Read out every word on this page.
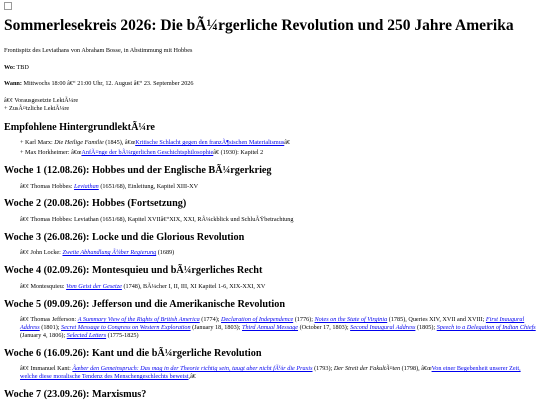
Sommerlesekreis 2026: Die bÃ¼rgerliche Revolution und 250 Jahre Amerika

Frontispitz des Leviathans von Abraham Bosse, in Abstimmung mit Hobbes

Wo: TBD

Wann: Mittwochs 18:00 â€“ 21:00 Uhr, 12. August â€“ 23. September 2026

â€¢ Vorausgesetzte LektÃ¼re
+ ZusÃ¤tzliche LektÃ¼re
Empfohlene HintergrundlektÃ¼re
+ Karl Marx: Die Heilige Familie (1845), â€œKritische Schlacht gegen den franzÃ¶sischen Materialismusâ€
+ Max Horkheimer: â€œAnfÃ¤nge der bÃ¼rgerlichen Geschichtsphilosophieâ€ (1930): Kapitel 2
Woche 1 (12.08.26): Hobbes und der Englische BÃ¼rgerkrieg
â€¢ Thomas Hobbes: Leviathan (1651/68), Einleitung, Kapitel XIII-XV
Woche 2 (20.08.26): Hobbes (Fortsetzung)
â€¢ Thomas Hobbes: Leviathan (1651/68), Kapitel XVIIâ€“XIX, XXI, RÃ¼ckblick und SchluÃŸbetrachtung
Woche 3 (26.08.26): Locke und die Glorious Revolution
â€¢ John Locke: Zweite Abhandlung Ã¼ber Regierung (1689)
Woche 4 (02.09.26): Montesquieu und bÃ¼rgerliches Recht
â€¢ Montesquieu: Vom Geist der Gesetze (1748), BÃ¼cher I, II, III, XI Kapitel 1-6, XIX-XXI, XV
Woche 5 (09.09.26): Jefferson und die Amerikanische Revolution
â€¢ Thomas Jefferson: A Summary View of the Rights of British America (1774); Declaration of Independence (1776); Notes on the State of Virginia (1785), Queries XIV, XVII and XVIII; First Inaugural Address (1801); Secret Message to Congress on Western Exploration (January 18, 1803); Third Annual Message (October 17, 1803); Second Inaugural Address (1805); Speech to a Delegation of Indian Chiefs (January 4, 1806); Selected Letters (1775-1825)
Woche 6 (16.09.26): Kant und die bÃ¼rgerliche Revolution
â€¢ Immanuel Kant: Ãœber den Gemeinspruch: Das mag in der Theorie richtig sein, taugt aber nicht fÃ¼r die Praxis (1793); Der Streit der FakultÃ¤ten (1798), â€œVon einer Begebenheit unserer Zeit, welche diese moralische Tendenz des Menschengeschlechts beweist,â€
Woche 7 (23.09.26): Marxismus?
